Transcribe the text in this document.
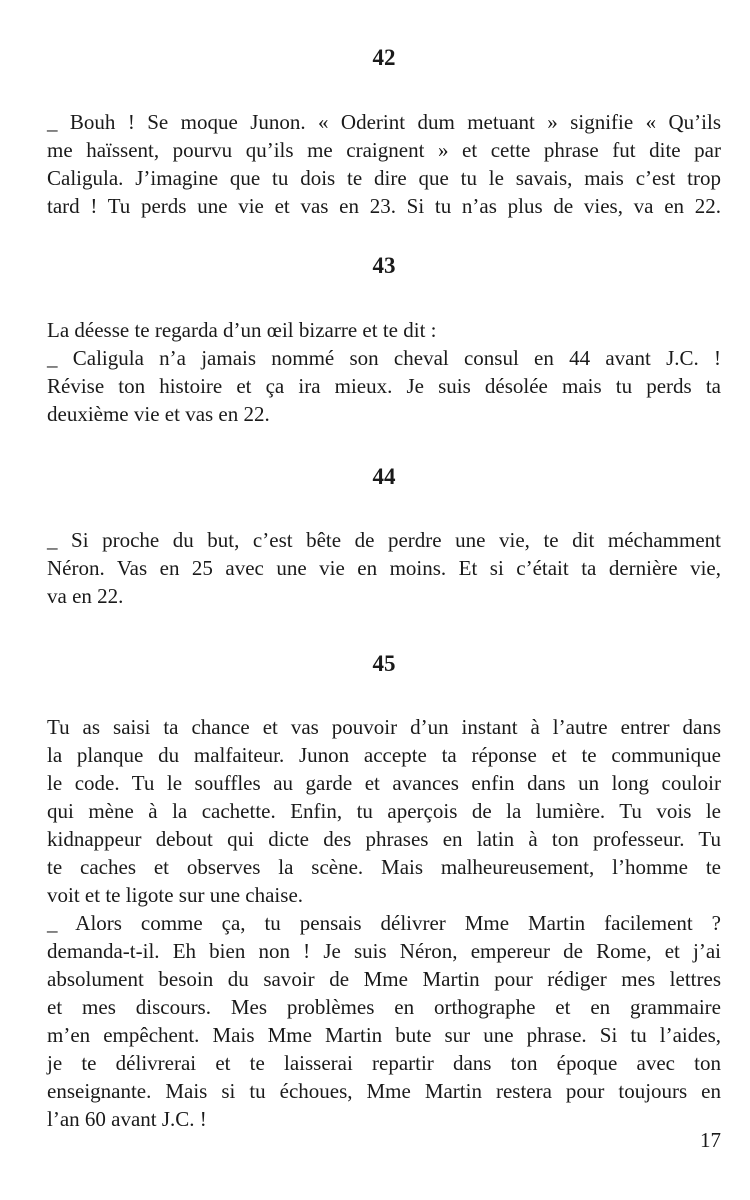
42
_ Bouh ! Se moque Junon. « Oderint dum metuant » signifie « Qu’ils
me haïssent, pourvu qu’ils me craignent » et cette phrase fut dite par
Caligula. J’imagine que tu dois te dire que tu le savais, mais c’est trop
tard ! Tu perds une vie et vas en 23. Si tu n’as plus de vies, va en 22.
43
La déesse te regarda d’un œil bizarre et te dit :
_ Caligula n’a jamais nommé son cheval consul en 44 avant J.C. !
Révise ton histoire et ça ira mieux. Je suis désolée mais tu perds ta
deuxième vie et vas en 22.
44
_ Si proche du but, c’est bête de perdre une vie, te dit méchamment
Néron. Vas en 25 avec une vie en moins. Et si c’était ta dernière vie,
va en 22.
45
Tu as saisi ta chance et vas pouvoir d’un instant à l’autre entrer dans
la planque du malfaiteur. Junon accepte ta réponse et te communique
le code. Tu le souffles au garde et avances enfin dans un long couloir
qui mène à la cachette. Enfin, tu aperçois de la lumière. Tu vois le
kidnappeur debout qui dicte des phrases en latin à ton professeur. Tu
te caches et observes la scène. Mais malheureusement, l’homme te
voit et te ligote sur une chaise.
_ Alors comme ça, tu pensais délivrer Mme Martin facilement ?
demanda-t-il. Eh bien non ! Je suis Néron, empereur de Rome, et j’ai
absolument besoin du savoir de Mme Martin pour rédiger mes lettres
et mes discours. Mes problèmes en orthographe et en grammaire
m’en empêchent. Mais Mme Martin bute sur une phrase. Si tu l’aides,
je te délivrerai et te laisserai repartir dans ton époque avec ton
enseignante. Mais si tu échoues, Mme Martin restera pour toujours en
l’an 60 avant J.C. !
17
